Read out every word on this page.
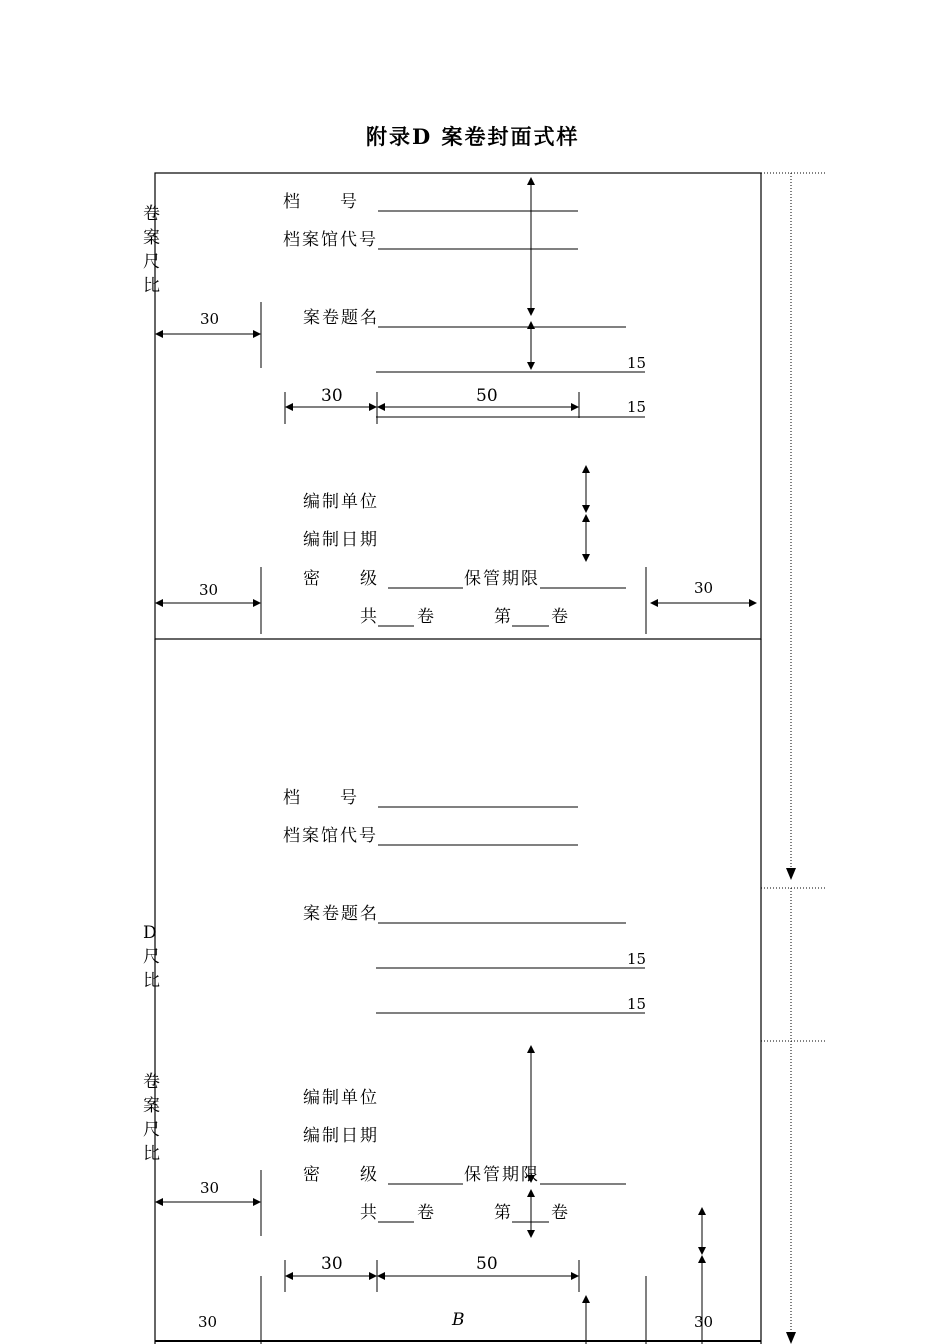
附录D 案卷封面式样
卷
案
尺
比
D
尺
比
卷
案
尺
比
档　　号
档案馆代号
案卷题名
15
15
30
30	50
编制单位
编制日期
密　　级	保管期限
共 卷	第 卷
30	30
档　　号
档案馆代号
案卷题名
15
15
编制单位
编制日期
密　　级	保管期限
共 卷	第 卷
30
30	50
30	30
B
